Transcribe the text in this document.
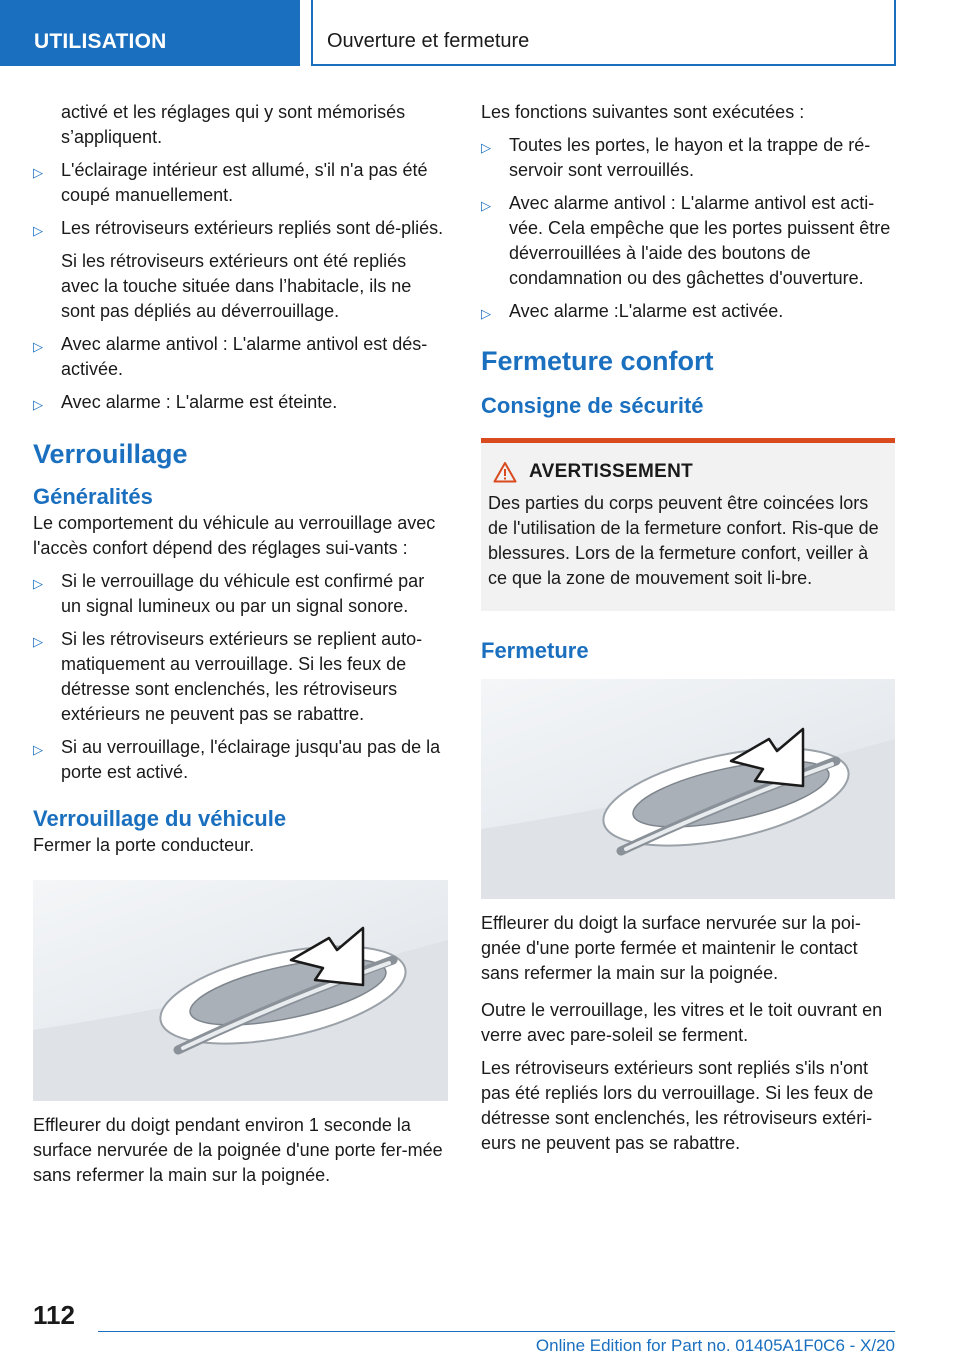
UTILISATION	Ouverture et fermeture

activé et les réglages qui y sont mémorisés s’appliquent.

▷ L'éclairage intérieur est allumé, s'il n'a pas été coupé manuellement.
▷ Les rétroviseurs extérieurs repliés sont dé-pliés.

Si les rétroviseurs extérieurs ont été repliés avec la touche située dans l’habitacle, ils ne sont pas dépliés au déverrouillage.

▷ Avec alarme antivol : L'alarme antivol est dés-activée.
▷ Avec alarme : L'alarme est éteinte.
Verrouillage
Généralités

Le comportement du véhicule au verrouillage avec l'accès confort dépend des réglages sui-vants :

▷ Si le verrouillage du véhicule est confirmé par un signal lumineux ou par un signal sonore.
▷ Si les rétroviseurs extérieurs se replient auto-matiquement au verrouillage. Si les feux de détresse sont enclenchés, les rétroviseurs extérieurs ne peuvent pas se rabattre.
▷ Si au verrouillage, l'éclairage jusqu'au pas de la porte est activé.
Verrouillage du véhicule

Fermer la porte conducteur.

Effleurer du doigt pendant environ 1 seconde la surface nervurée de la poignée d'une porte fer-mée sans refermer la main sur la poignée.

Les fonctions suivantes sont exécutées :

▷ Toutes les portes, le hayon et la trappe de ré-servoir sont verrouillés.
▷ Avec alarme antivol : L'alarme antivol est acti-vée. Cela empêche que les portes puissent être déverrouillées à l'aide des boutons de condamnation ou des gâchettes d'ouverture.
▷ Avec alarme :L'alarme est activée.
Fermeture confort
Consigne de sécurité
AVERTISSEMENT

Des parties du corps peuvent être coincées lors de l'utilisation de la fermeture confort. Ris-que de blessures. Lors de la fermeture confort, veiller à ce que la zone de mouvement soit li-bre.

Fermeture

Effleurer du doigt la surface nervurée sur la poi-gnée d'une porte fermée et maintenir le contact sans refermer la main sur la poignée.

Outre le verrouillage, les vitres et le toit ouvrant en verre avec pare-soleil se ferment.

Les rétroviseurs extérieurs sont repliés s'ils n'ont pas été repliés lors du verrouillage. Si les feux de détresse sont enclenchés, les rétroviseurs extéri-eurs ne peuvent pas se rabattre.

112
Online Edition for Part no. 01405A1F0C6 - X/20
